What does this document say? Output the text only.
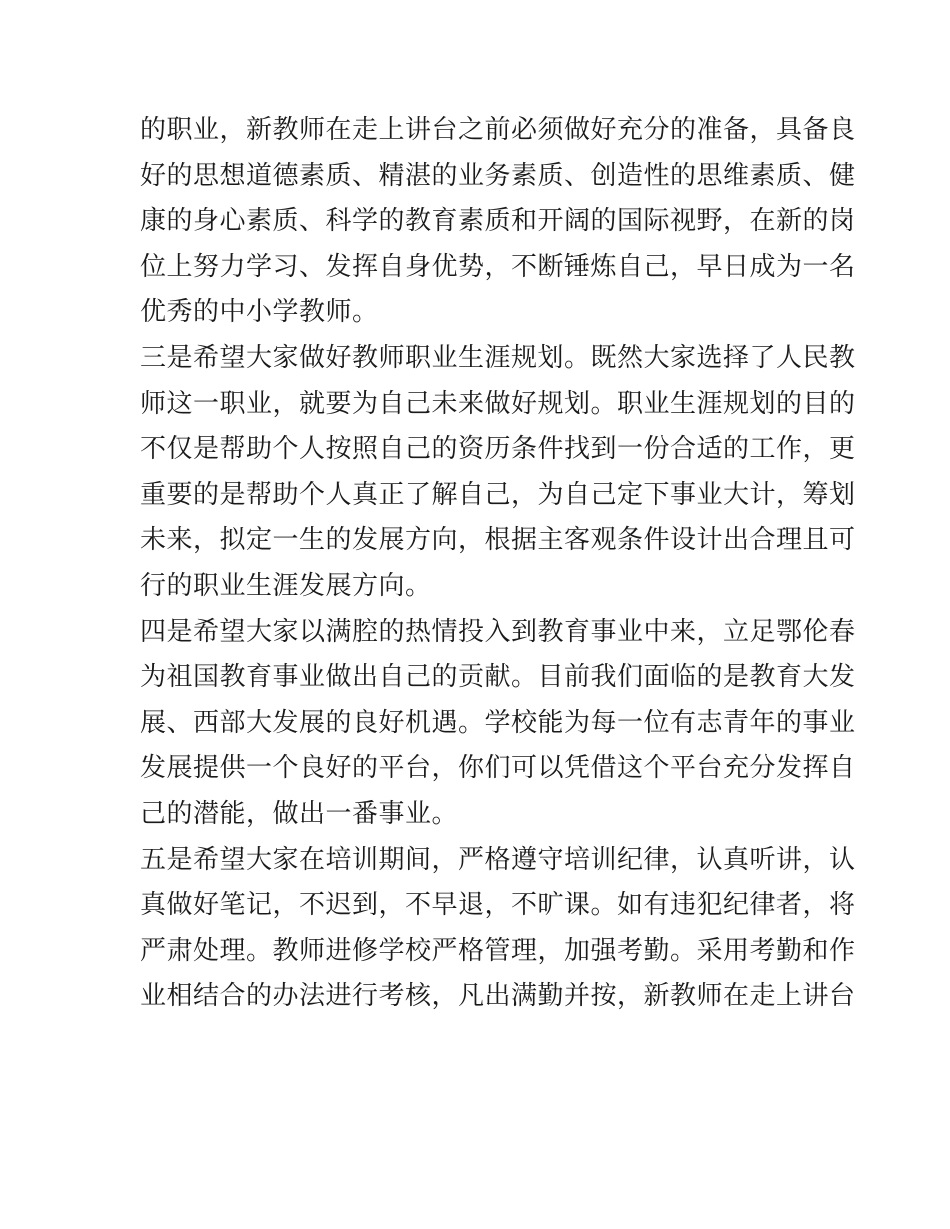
的职业，新教师在走上讲台之前必须做好充分的准备，具备良
好的思想道德素质、精湛的业务素质、创造性的思维素质、健
康的身心素质、科学的教育素质和开阔的国际视野，在新的岗
位上努力学习、发挥自身优势，不断锤炼自己，早日成为一名
优秀的中小学教师。
三是希望大家做好教师职业生涯规划。既然大家选择了人民教
师这一职业，就要为自己未来做好规划。职业生涯规划的目的
不仅是帮助个人按照自己的资历条件找到一份合适的工作，更
重要的是帮助个人真正了解自己，为自己定下事业大计，筹划
未来，拟定一生的发展方向，根据主客观条件设计出合理且可
行的职业生涯发展方向。
四是希望大家以满腔的热情投入到教育事业中来，立足鄂伦春
为祖国教育事业做出自己的贡献。目前我们面临的是教育大发
展、西部大发展的良好机遇。学校能为每一位有志青年的事业
发展提供一个良好的平台，你们可以凭借这个平台充分发挥自
己的潜能，做出一番事业。
五是希望大家在培训期间，严格遵守培训纪律，认真听讲，认
真做好笔记，不迟到，不早退，不旷课。如有违犯纪律者，将
严肃处理。教师进修学校严格管理，加强考勤。采用考勤和作
业相结合的办法进行考核，凡出满勤并按，新教师在走上讲台
